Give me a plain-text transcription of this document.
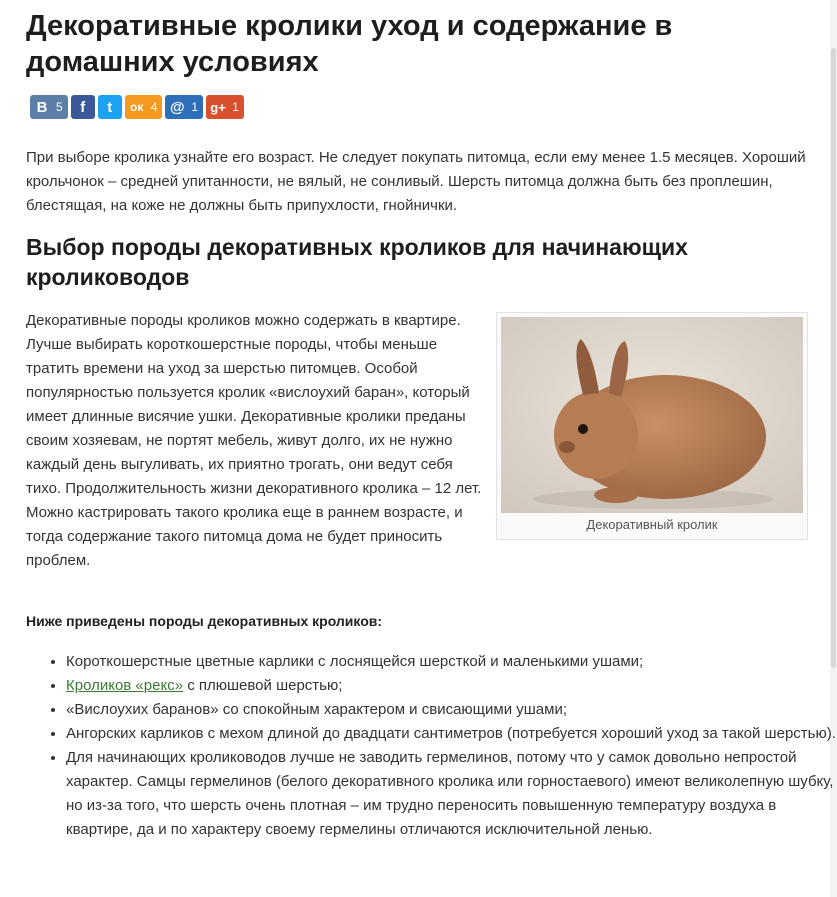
Декоративные кролики уход и содержание в домашних условиях
В 5	f	t	ок 4 @ 1 g+ 1

При выборе кролика узнайте его возраст. Не следует покупать питомца, если ему менее 1.5 месяцев. Хороший крольчонок – средней упитанности, не вялый, не сонливый. Шерсть питомца должна быть без проплешин, блестящая, на коже не должны быть припухлости, гнойнички.

Выбор породы декоративных кроликов для начинающих кролиководов

Декоративные породы кроликов можно содержать в квартире. Лучше выбирать короткошерстные породы, чтобы меньше тратить времени на уход за шерстью питомцев. Особой популярностью пользуется кролик «вислоухий баран», который имеет длинные висячие ушки. Декоративные кролики преданы своим хозяевам, не портят мебель, живут долго, их не нужно каждый день выгуливать, их приятно трогать, они ведут себя тихо. Продолжительность жизни декоративного кролика – 12 лет. Можно кастрировать такого кролика еще в раннем возрасте, и тогда содержание такого питомца дома не будет приносить проблем.

Декоративный кролик
Ниже приведены породы декоративных кроликов:
• Короткошерстные цветные карлики с лоснящейся шерсткой и маленькими ушами;
• Кроликов «рекс» с плюшевой шерстью;
• «Вислоухих баранов» со спокойным характером и свисающими ушами;
• Ангорских карликов с мехом длиной до двадцати сантиметров (потребуется хороший уход за такой шерстью).
• Для начинающих кролиководов лучше не заводить гермелинов, потому что у самок довольно непростой характер. Самцы гермелинов (белого декоративного кролика или горностаевого) имеют великолепную шубку, но из-за того, что шерсть очень плотная – им трудно переносить повышенную температуру воздуха в квартире, да и по характеру своему гермелины отличаются исключительной ленью.
